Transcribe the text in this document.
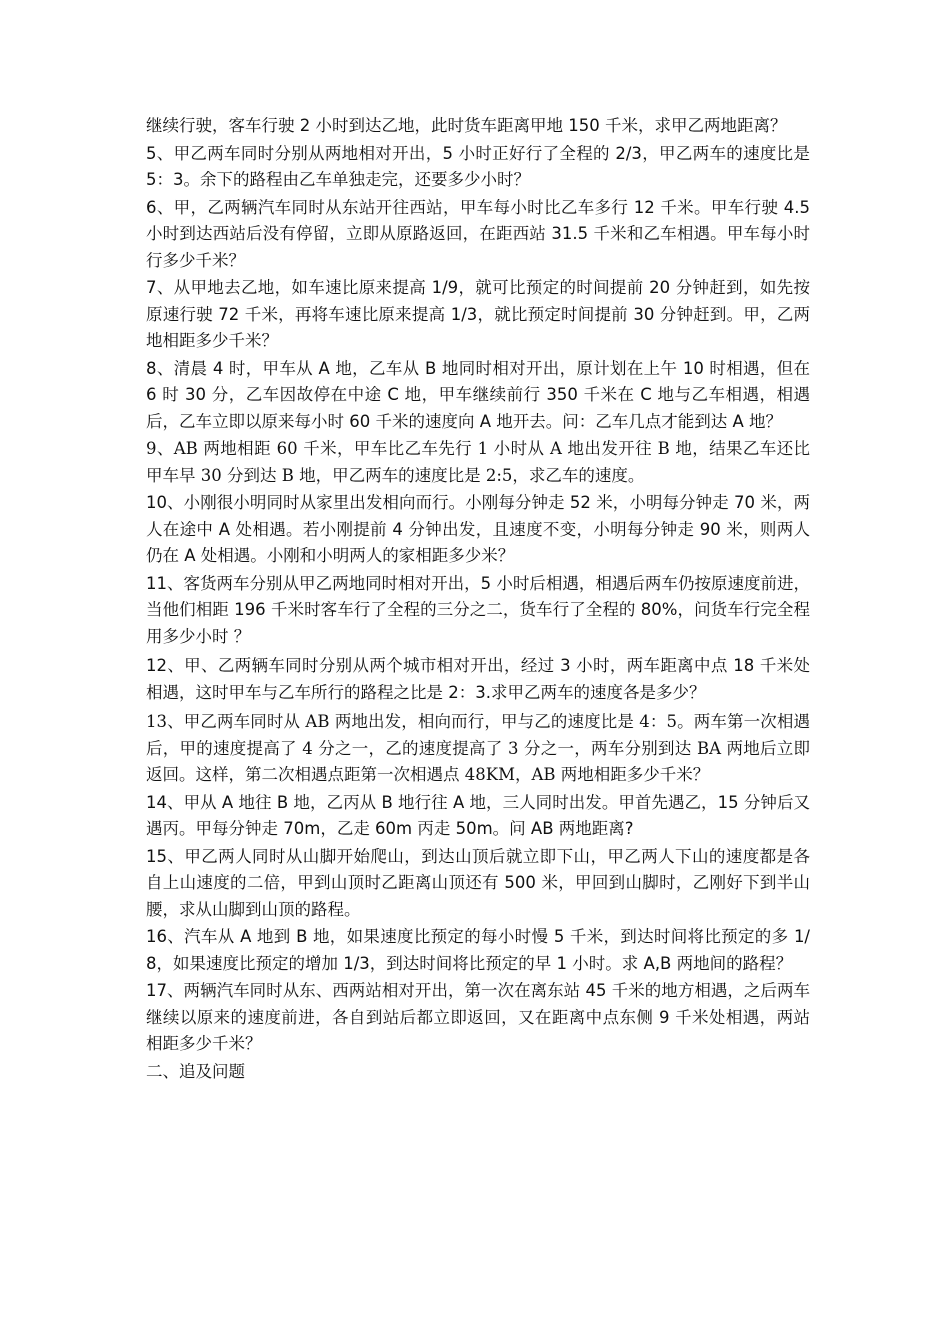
继续行驶，客车行驶 2 小时到达乙地，此时货车距离甲地 150 千米，求甲乙两地距离？

5、甲乙两车同时分别从两地相对开出，5 小时正好行了全程的 2/3，甲乙两车的速度比是 5：3。余下的路程由乙车单独走完，还要多少小时？

6、甲，乙两辆汽车同时从东站开往西站，甲车每小时比乙车多行 12 千米。甲车行驶 4.5 小时到达西站后没有停留，立即从原路返回，在距西站 31.5 千米和乙车相遇。甲车每小时行多少千米？

7、从甲地去乙地，如车速比原来提高 1/9，就可比预定的时间提前 20 分钟赶到，如先按原速行驶 72 千米，再将车速比原来提高 1/3，就比预定时间提前 30 分钟赶到。甲，乙两地相距多少千米？

8、清晨 4 时，甲车从 A 地，乙车从 B 地同时相对开出，原计划在上午 10 时相遇，但在 6 时 30 分，乙车因故停在中途 C 地，甲车继续前行 350 千米在 C 地与乙车相遇，相遇后，乙车立即以原来每小时 60 千米的速度向 A 地开去。问：乙车几点才能到达 A 地？

9、AB 两地相距 60 千米，甲车比乙车先行 1 小时从 A 地出发开往 B 地，结果乙车还比甲车早 30 分到达 B 地，甲乙两车的速度比是 2:5，求乙车的速度。

10、小刚很小明同时从家里出发相向而行。小刚每分钟走 52 米，小明每分钟走 70 米，两人在途中 A 处相遇。若小刚提前 4 分钟出发，且速度不变，小明每分钟走 90 米，则两人仍在 A 处相遇。小刚和小明两人的家相距多少米？

11、客货两车分别从甲乙两地同时相对开出，5 小时后相遇，相遇后两车仍按原速度前进，当他们相距 196 千米时客车行了全程的三分之二，货车行了全程的 80%，问货车行完全程用多少小时 ？

12、甲、乙两辆车同时分别从两个城市相对开出，经过 3 小时，两车距离中点 18 千米处相遇，这时甲车与乙车所行的路程之比是 2：3.求甲乙两车的速度各是多少？

13、甲乙两车同时从 AB 两地出发，相向而行，甲与乙的速度比是 4：5。两车第一次相遇后，甲的速度提高了 4 分之一，乙的速度提高了 3 分之一，两车分别到达 BA 两地后立即返回。这样，第二次相遇点距第一次相遇点 48KM，AB 两地相距多少千米？

14、甲从 A 地往 B 地，乙丙从 B 地行往 A 地，三人同时出发。甲首先遇乙，15 分钟后又遇丙。甲每分钟走 70m，乙走 60m 丙走 50m。问 AB 两地距离?

15、甲乙两人同时从山脚开始爬山，到达山顶后就立即下山，甲乙两人下山的速度都是各自上山速度的二倍，甲到山顶时乙距离山顶还有 500 米，甲回到山脚时，乙刚好下到半山腰，求从山脚到山顶的路程。

16、汽车从 A 地到 B 地，如果速度比预定的每小时慢 5 千米，到达时间将比预定的多 1/8，如果速度比预定的增加 1/3，到达时间将比预定的早 1 小时。求 A,B 两地间的路程？

17、两辆汽车同时从东、西两站相对开出，第一次在离东站 45 千米的地方相遇，之后两车继续以原来的速度前进，各自到站后都立即返回，又在距离中点东侧 9 千米处相遇，两站相距多少千米？

二、追及问题
